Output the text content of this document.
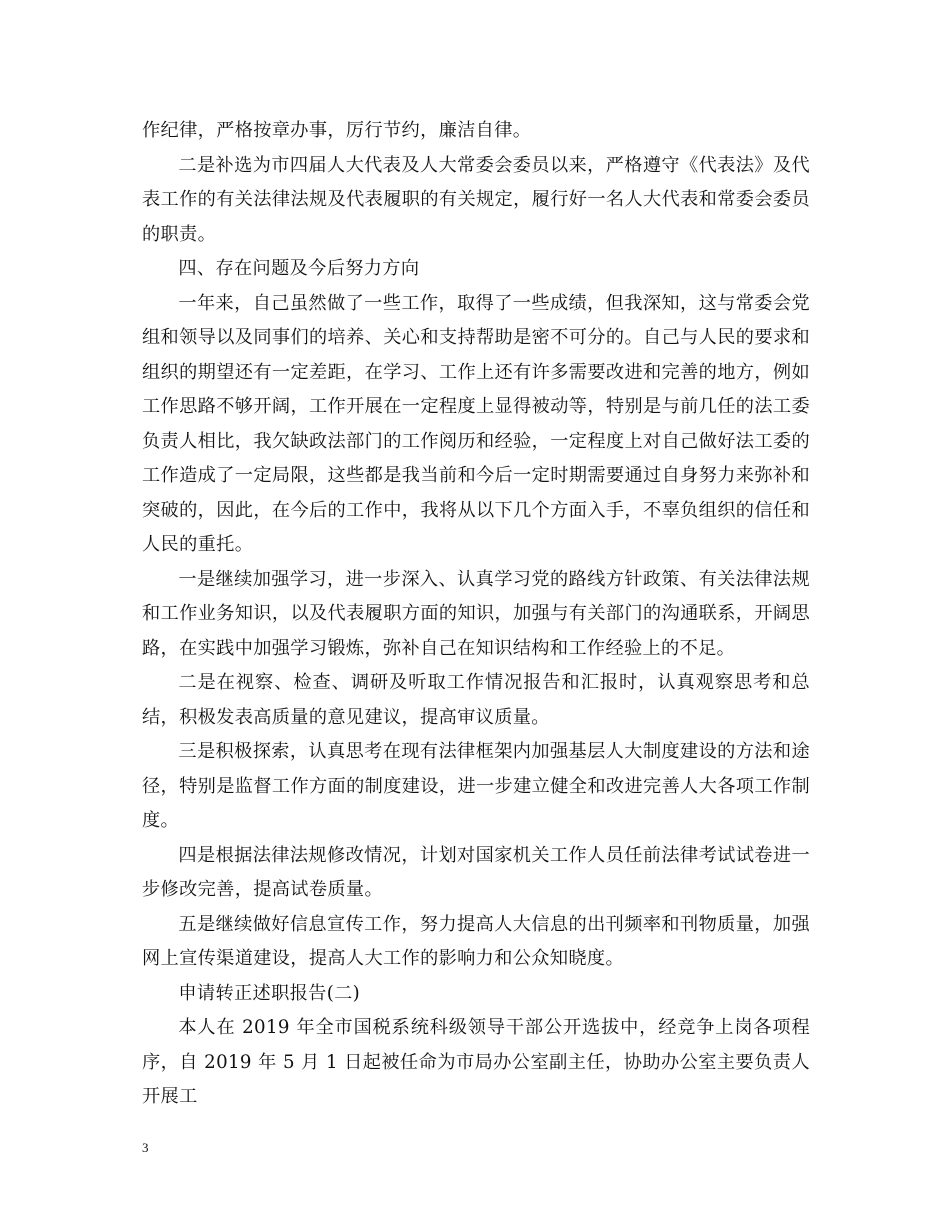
作纪律，严格按章办事，厉行节约，廉洁自律。

二是补选为市四届人大代表及人大常委会委员以来，严格遵守《代表法》及代表工作的有关法律法规及代表履职的有关规定，履行好一名人大代表和常委会委员的职责。

四、存在问题及今后努力方向

一年来，自己虽然做了一些工作，取得了一些成绩，但我深知，这与常委会党组和领导以及同事们的培养、关心和支持帮助是密不可分的。自己与人民的要求和组织的期望还有一定差距，在学习、工作上还有许多需要改进和完善的地方，例如工作思路不够开阔，工作开展在一定程度上显得被动等，特别是与前几任的法工委负责人相比，我欠缺政法部门的工作阅历和经验，一定程度上对自己做好法工委的工作造成了一定局限，这些都是我当前和今后一定时期需要通过自身努力来弥补和突破的，因此，在今后的工作中，我将从以下几个方面入手，不辜负组织的信任和人民的重托。

一是继续加强学习，进一步深入、认真学习党的路线方针政策、有关法律法规和工作业务知识，以及代表履职方面的知识，加强与有关部门的沟通联系，开阔思路，在实践中加强学习锻炼，弥补自己在知识结构和工作经验上的不足。

二是在视察、检查、调研及听取工作情况报告和汇报时，认真观察思考和总结，积极发表高质量的意见建议，提高审议质量。

三是积极探索，认真思考在现有法律框架内加强基层人大制度建设的方法和途径，特别是监督工作方面的制度建设，进一步建立健全和改进完善人大各项工作制度。

四是根据法律法规修改情况，计划对国家机关工作人员任前法律考试试卷进一步修改完善，提高试卷质量。

五是继续做好信息宣传工作，努力提高人大信息的出刊频率和刊物质量，加强网上宣传渠道建设，提高人大工作的影响力和公众知晓度。

申请转正述职报告(二)

本人在 2019 年全市国税系统科级领导干部公开选拔中，经竞争上岗各项程序，自 2019 年 5 月 1 日起被任命为市局办公室副主任，协助办公室主要负责人开展工

3
